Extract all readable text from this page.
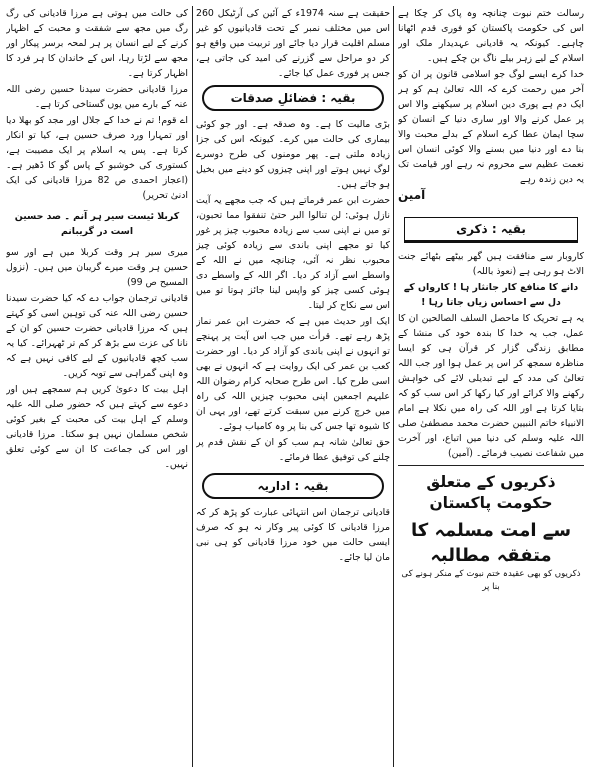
رسالت ختم نبوت چنانچہ وہ پاک کر چکا ہے اس کی حکومت پاکستان کو فوری قدم اٹھانا چاہیے۔ کیونکہ یہ قادیانی عہدیدار ملک اور اسلام کے لیے زہر بیلے ناگ بن چکے ہیں۔

خدا کرے ایسے لوگ جو اسلامی قانون پر ان کو آخر میں رحمت کرے کہ اللہ تعالیٰ ہم کو ہر ایک دم ہے پوری دین اسلام پر سیکھنے والا اس پر عمل کرنے والا اور ساری دنیا کے انسان کو سچا ایمان عطا کرے اسلام کے بدلے محبت والا بنا دے اور دنیا میں بسنے والا کوئی انسان اس نعمت عظیم سے محروم نہ رہے اور قیامت تک یہ دین زندہ رہے

آمین

بقیہ : ذکری

کاروبار سے منافقت ہیں گھر بیٹھے بٹھائے جنت الاٹ ہو رہی ہے (نعوذ باللہ)

دانے کا منافع کار جانثار ہا ! کارواں کے دل سے احساس زیاں جاتا رہا !

یہ ہے تحریک کا ماحصل السلف الصالحین ان کا عمل، جب یہ خدا کا بندہ خود کی منشا کے مطابق زندگی گزار کر قرآن ہی کو ایسا مناظرہ سمجھ کر اس پر عمل ہوا اور جب اللہ تعالیٰ کی مدد کے لیے تبدیلی لائے کی خواہش رکھنے والا کرائے اور کیا رکھا کر اس سب کو کہ بتایا کرتا ہے اور اللہ کی راہ میں نکلا ہے امام الانبیاء خاتم النبیین حضرت محمد مصطفیٰ صلی اللہ علیہ وسلم کی دنیا میں اتباع، اور آخرت میں شفاعت نصیب فرمائے۔ (آمین)

ذکریوں کے متعلق حکومت پاکستان
سے امت مسلمہ کا متفقہ مطالبہ
ذکریوں کو بھی عقیدہ ختم نبوت کے منکر ہونے کی بنا پر

حقیقت ہے سنہ 1974ء کے آئین کی آرٹیکل 260 اس میں مختلف نمبر کے تحت قادیانیوں کو غیر مسلم اقلیت قرار دیا جائے اور تربیت میں واقع ہو کر دو مراحل سے گزرنے کی امید کی جاتی ہے، جس پر فوری عمل کیا جائے۔

بقیہ : فضائلِ صدقات

بڑی مالیت کا ہے۔ وہ صدقہ ہے۔ اور جو کوئی بیماری کی حالت میں کرے۔ کیونکہ اس کی جزا زیادہ ملتی ہے۔ پھر مومنوں کی طرح دوسرے لوگ نہیں ہوتے اور اپنی چیزوں کو دینے میں بخیل ہو جاتے ہیں۔

حضرت ابن عمر فرماتے ہیں کہ جب مجھے یہ آیت نازل ہوئی: لن تنالوا البر حتیٰ تنفقوا مما تحبون، تو میں نے اپنی سب سے زیادہ محبوب چیز پر غور کیا تو مجھے اپنی باندی سے زیادہ کوئی چیز محبوب نظر نہ آئی، چنانچہ میں نے اللہ کے واسطے اسے آزاد کر دیا۔ اگر اللہ کے واسطے دی ہوئی کسی چیز کو واپس لینا جائز ہوتا تو میں اس سے نکاح کر لیتا۔

ایک اور حدیث میں ہے کہ حضرت ابن عمر نماز پڑھ رہے تھے۔ قرأت میں جب اس آیت پر پہنچے تو انہوں نے اپنی باندی کو آزاد کر دیا۔ اور حضرت کعب بن عمر کی ایک روایت ہے کہ انہوں نے بھی اسی طرح کیا۔ اس طرح صحابہ کرام رضوان اللہ علیہم اجمعین اپنی محبوب چیزیں اللہ کی راہ میں خرچ کرنے میں سبقت کرتے تھے، اور یہی ان کا شیوہ تھا جس کی بنا پر وہ کامیاب ہوئے۔

حق تعالیٰ شانہ ہم سب کو ان کے نقش قدم پر چلنے کی توفیق عطا فرمائے۔

بقیہ : اداریہ

قادیانی ترجمان اس انتہائی عبارت کو پڑھ کر کہ مرزا قادیانی کا کوئی پیر وکار نہ ہو کہ صرف ایسی حالت میں خود مرزا قادیانی کو ہی نبی مان لیا جائے۔

کی حالت میں ہوتی ہے مرزا قادیانی کی رگ رگ میں مجھ سے شفقت و محبت کے اظہار کرنے کے لیے انسان پر ہر لمحہ برسر پیکار اور مجھ سے لڑتا رہا، اس کے خاندان کا ہر فرد کا اظہار کرتا ہے۔

مرزا قادیانی حضرت سیدنا حسین رضی اللہ عنہ کے بارے میں یوں گستاخی کرتا ہے۔

اے قوم! تم نے خدا کے جلال اور مجد کو بھلا دیا اور تمہارا ورد صرف حسین ہے، کیا تو انکار کرتا ہے۔ پس یہ اسلام پر ایک مصیبت ہے، کستوری کی خوشبو کے پاس گو کا ڈھیر ہے۔ (اعجاز احمدی ص 82 مرزا قادیانی کی ایک ادنیٰ تحریر)

کربلا ئیست سیر ہر آنم ۔ صد حسین است در گریبانم

میری سیر ہر وقت کربلا میں ہے اور سو حسین ہر وقت میرے گریبان میں ہیں۔ (نزول المسیح ص 99)

قادیانی ترجمان جواب دے کہ کیا حضرت سیدنا حسین رضی اللہ عنہ کی توہین اسی کو کہتے ہیں کہ مرزا قادیانی حضرت حسین کو ان کے نانا کی عزت سے بڑھ کر کم تر ٹھہرائے۔ کیا یہ سب کچھ قادیانیوں کے لیے کافی نہیں ہے کہ وہ اپنی گمراہی سے توبہ کریں۔

اہل بیت کا دعویٰ کریں ہم سمجھے ہیں اور دعوے سے کہتے ہیں کہ حضور صلی اللہ علیہ وسلم کے اہل بیت کی محبت کے بغیر کوئی شخص مسلمان نہیں ہو سکتا۔ مرزا قادیانی اور اس کی جماعت کا ان سے کوئی تعلق نہیں۔
